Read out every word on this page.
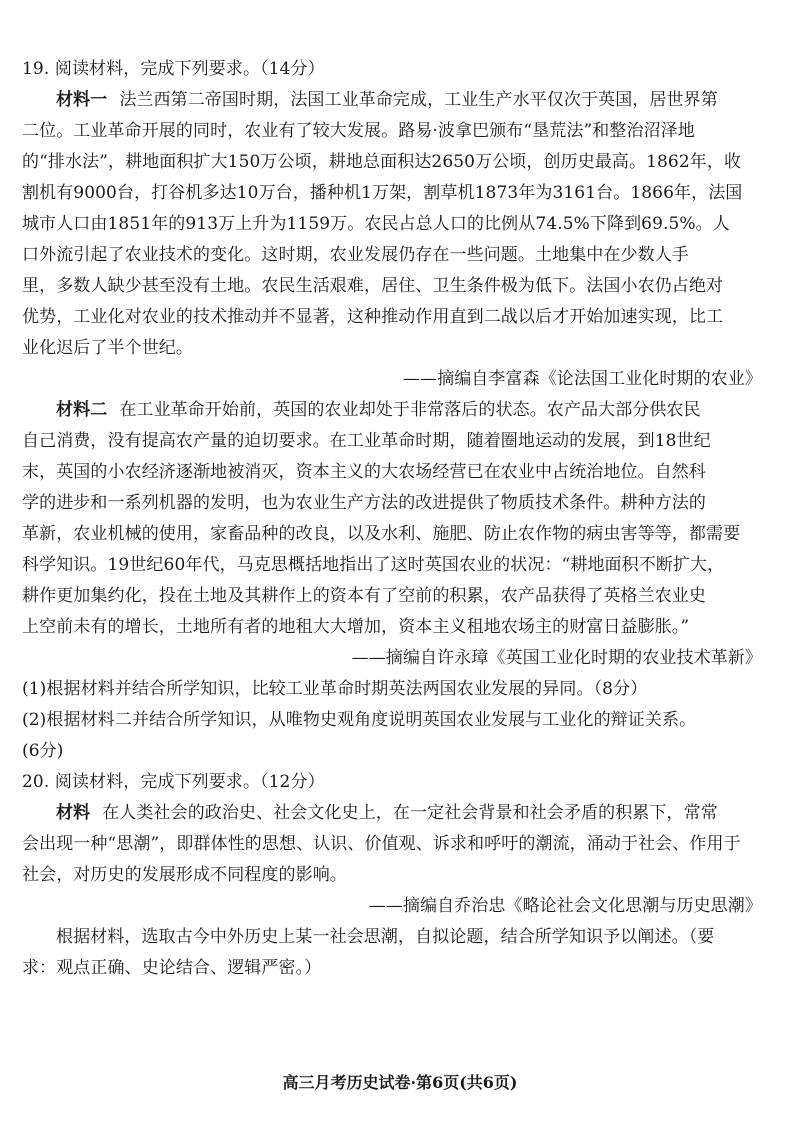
19. 阅读材料，完成下列要求。（14分）
材料一 法兰西第二帝国时期，法国工业革命完成，工业生产水平仅次于英国，居世界第
二位。工业革命开展的同时，农业有了较大发展。路易·波拿巴颁布“垦荒法”和整治沼泽地
的“排水法”，耕地面积扩大150万公顷，耕地总面积达2650万公顷，创历史最高。1862年，收
割机有9000台，打谷机多达10万台，播种机1万架，割草机1873年为3161台。1866年，法国
城市人口由1851年的913万上升为1159万。农民占总人口的比例从74.5%下降到69.5%。人
口外流引起了农业技术的变化。这时期，农业发展仍存在一些问题。土地集中在少数人手
里，多数人缺少甚至没有土地。农民生活艰难，居住、卫生条件极为低下。法国小农仍占绝对
优势，工业化对农业的技术推动并不显著，这种推动作用直到二战以后才开始加速实现，比工
业化迟后了半个世纪。
——摘编自李富森《论法国工业化时期的农业》
材料二 在工业革命开始前，英国的农业却处于非常落后的状态。农产品大部分供农民
自己消费，没有提高农产量的迫切要求。在工业革命时期，随着圈地运动的发展，到18世纪
末，英国的小农经济逐渐地被消灭，资本主义的大农场经营已在农业中占统治地位。自然科
学的进步和一系列机器的发明，也为农业生产方法的改进提供了物质技术条件。耕种方法的
革新，农业机械的使用，家畜品种的改良，以及水利、施肥、防止农作物的病虫害等等，都需要
科学知识。19世纪60年代，马克思概括地指出了这时英国农业的状况：“耕地面积不断扩大，
耕作更加集约化，投在土地及其耕作上的资本有了空前的积累，农产品获得了英格兰农业史
上空前未有的增长，土地所有者的地租大大增加，资本主义租地农场主的财富日益膨胀。”
——摘编自许永璋《英国工业化时期的农业技术革新》
(1)根据材料并结合所学知识，比较工业革命时期英法两国农业发展的异同。（8分）
(2)根据材料二并结合所学知识，从唯物史观角度说明英国农业发展与工业化的辩证关系。
(6分)
20. 阅读材料，完成下列要求。（12分）
材料 在人类社会的政治史、社会文化史上，在一定社会背景和社会矛盾的积累下，常常
会出现一种“思潮”，即群体性的思想、认识、价值观、诉求和呼吁的潮流，涌动于社会、作用于
社会，对历史的发展形成不同程度的影响。
——摘编自乔治忠《略论社会文化思潮与历史思潮》
根据材料，选取古今中外历史上某一社会思潮，自拟论题，结合所学知识予以阐述。（要
求：观点正确、史论结合、逻辑严密。）
高三月考历史试卷·第6页(共6页)
